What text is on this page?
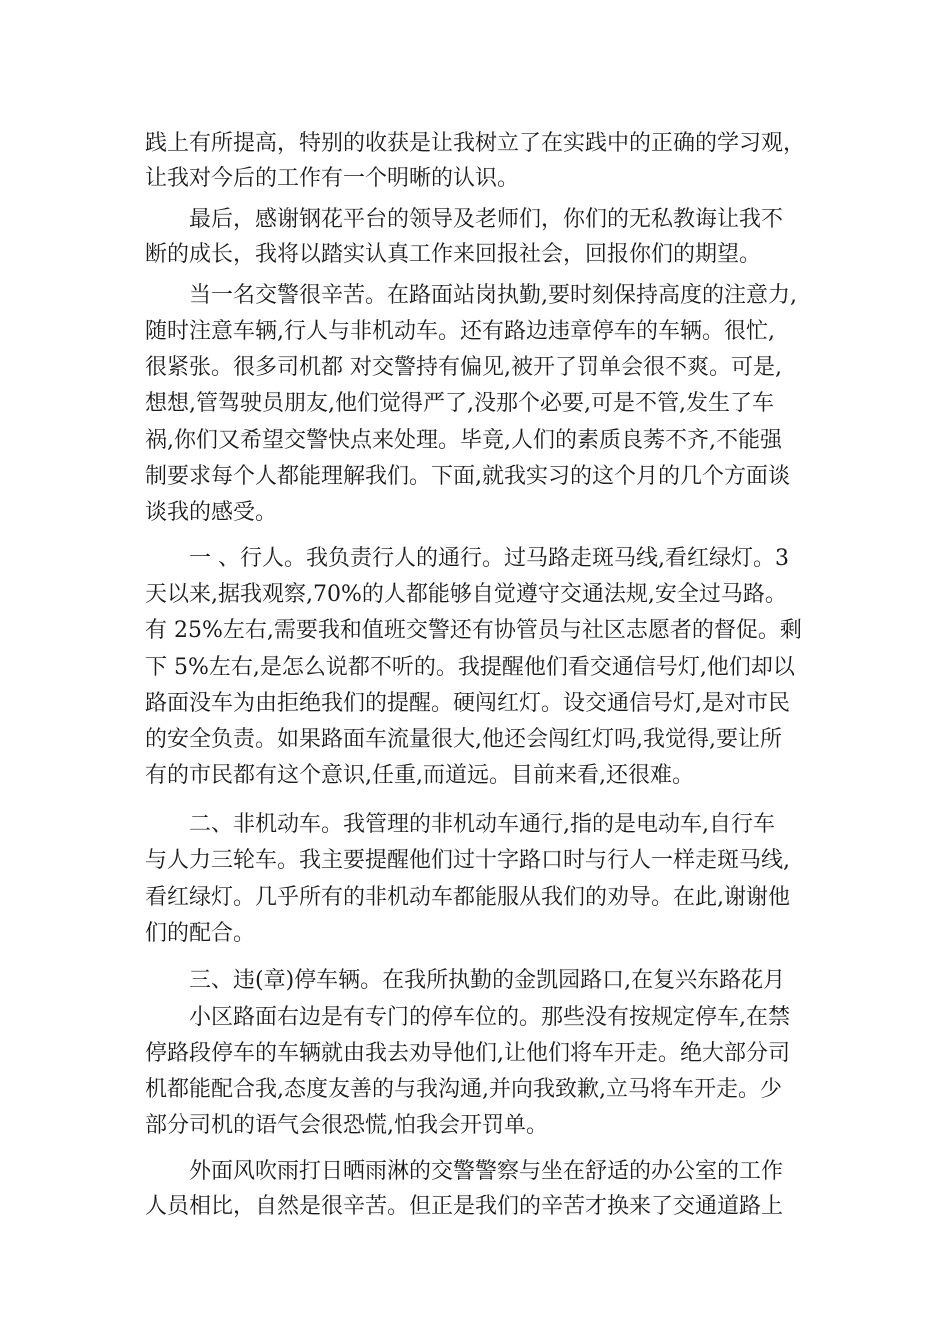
践上有所提高，特别的收获是让我树立了在实践中的正确的学习观，
让我对今后的工作有一个明晰的认识。
最后，感谢钢花平台的领导及老师们，你们的无私教诲让我不
断的成长，我将以踏实认真工作来回报社会，回报你们的期望。
当一名交警很辛苦。在路面站岗执勤,要时刻保持高度的注意力,
随时注意车辆,行人与非机动车。还有路边违章停车的车辆。很忙,
很紧张。很多司机都 对交警持有偏见,被开了罚单会很不爽。可是,
想想,管驾驶员朋友,他们觉得严了,没那个必要,可是不管,发生了车
祸,你们又希望交警快点来处理。毕竟,人们的素质良莠不齐,不能强
制要求每个人都能理解我们。下面,就我实习的这个月的几个方面谈
谈我的感受。
一 、行人。我负责行人的通行。过马路走斑马线,看红绿灯。3
天以来,据我观察,70%的人都能够自觉遵守交通法规,安全过马路。
有 25%左右,需要我和值班交警还有协管员与社区志愿者的督促。剩
下 5%左右,是怎么说都不听的。我提醒他们看交通信号灯,他们却以
路面没车为由拒绝我们的提醒。硬闯红灯。设交通信号灯,是对市民
的安全负责。如果路面车流量很大,他还会闯红灯吗,我觉得,要让所
有的市民都有这个意识,任重,而道远。目前来看,还很难。
二、非机动车。我管理的非机动车通行,指的是电动车,自行车
与人力三轮车。我主要提醒他们过十字路口时与行人一样走斑马线,
看红绿灯。几乎所有的非机动车都能服从我们的劝导。在此,谢谢他
们的配合。
三、违(章)停车辆。在我所执勤的金凯园路口,在复兴东路花月
小区路面右边是有专门的停车位的。那些没有按规定停车,在禁
停路段停车的车辆就由我去劝导他们,让他们将车开走。绝大部分司
机都能配合我,态度友善的与我沟通,并向我致歉,立马将车开走。少
部分司机的语气会很恐慌,怕我会开罚单。
外面风吹雨打日晒雨淋的交警警察与坐在舒适的办公室的工作
人员相比，自然是很辛苦。但正是我们的辛苦才换来了交通道路上
